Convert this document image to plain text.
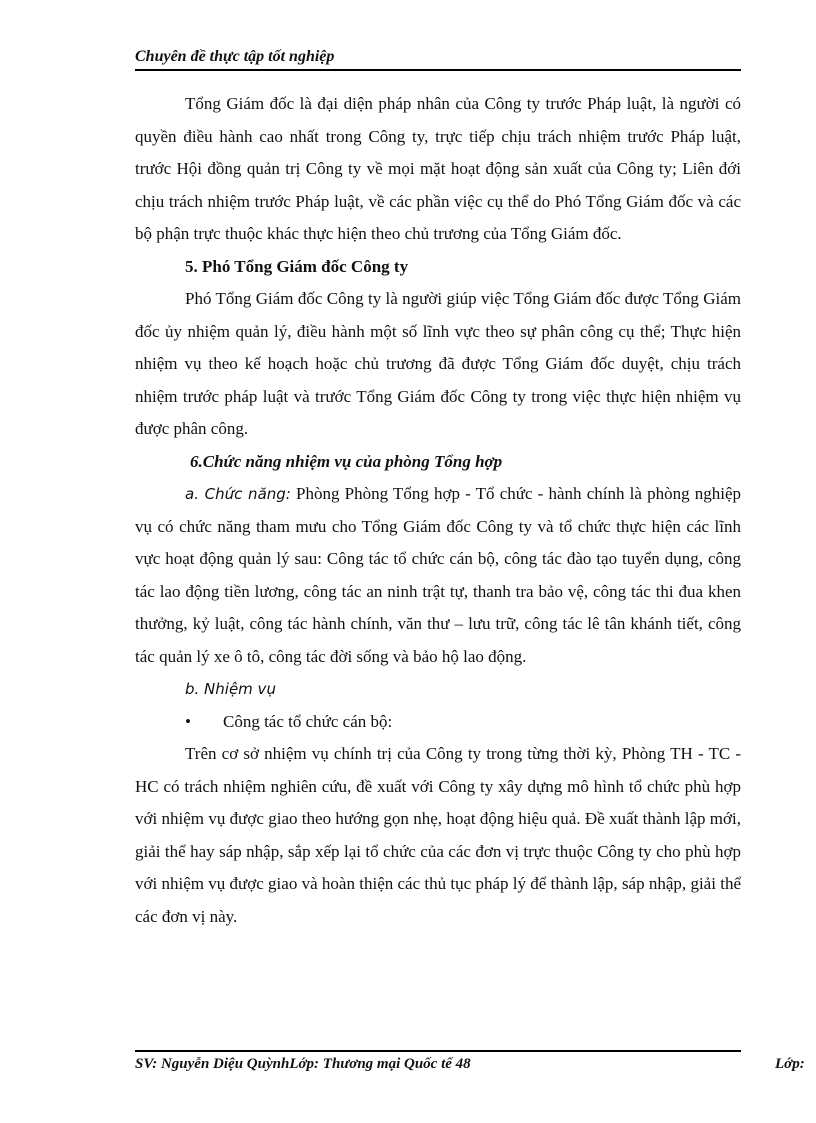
Chuyên đề thực tập tốt nghiệp

Tổng Giám đốc là đại diện pháp nhân của Công ty trước Pháp luật, là người có quyền điều hành cao nhất trong Công ty, trực tiếp chịu trách nhiệm trước Pháp luật, trước Hội đồng quản trị Công ty về mọi mặt hoạt động sản xuất của Công ty; Liên đới chịu trách nhiệm trước Pháp luật, về các phần việc cụ thể do Phó Tổng Giám đốc và các bộ phận trực thuộc khác thực hiện theo chủ trương của Tổng Giám đốc.

5. Phó Tổng Giám đốc Công ty

Phó Tổng Giám đốc Công ty là người giúp việc Tổng Giám đốc được Tổng Giám đốc ủy nhiệm quản lý, điều hành một số lĩnh vực theo sự phân công cụ thể; Thực hiện nhiệm vụ theo kế hoạch hoặc chủ trương đã được Tổng Giám đốc duyệt, chịu trách nhiệm trước pháp luật và trước Tổng Giám đốc Công ty trong việc thực hiện nhiệm vụ được phân công.

6.Chức năng nhiệm vụ của phòng Tổng hợp

a. Chức năng: Phòng Phòng Tổng hợp - Tổ chức - hành chính là phòng nghiệp vụ có chức năng tham mưu cho Tổng Giám đốc Công ty và tổ chức thực hiện các lĩnh vực hoạt động quản lý sau: Công tác tổ chức cán bộ, công tác đào tạo tuyển dụng, công tác lao động tiền lương, công tác an ninh trật tự, thanh tra bảo vệ, công tác thi đua khen thưởng, kỷ luật, công tác hành chính, văn thư – lưu trữ, công tác lê tân khánh tiết, công tác quản lý xe ô tô, công tác đời sống và bảo hộ lao động.

b. Nhiệm vụ

• Công tác tổ chức cán bộ:

Trên cơ sở nhiệm vụ chính trị của Công ty trong từng thời kỳ, Phòng TH - TC - HC có trách nhiệm nghiên cứu, đề xuất với Công ty xây dựng mô hình tổ chức phù hợp với nhiệm vụ được giao theo hướng gọn nhẹ, hoạt động hiệu quả. Đề xuất thành lập mới, giải thể hay sáp nhập, sắp xếp lại tổ chức của các đơn vị trực thuộc Công ty cho phù hợp với nhiệm vụ được giao và hoàn thiện các thủ tục pháp lý để thành lập, sáp nhập, giải thể các đơn vị này.

SV: Nguyễn Diệu QuỳnhLớp: Thương mại Quốc tế 48	Lớp:
